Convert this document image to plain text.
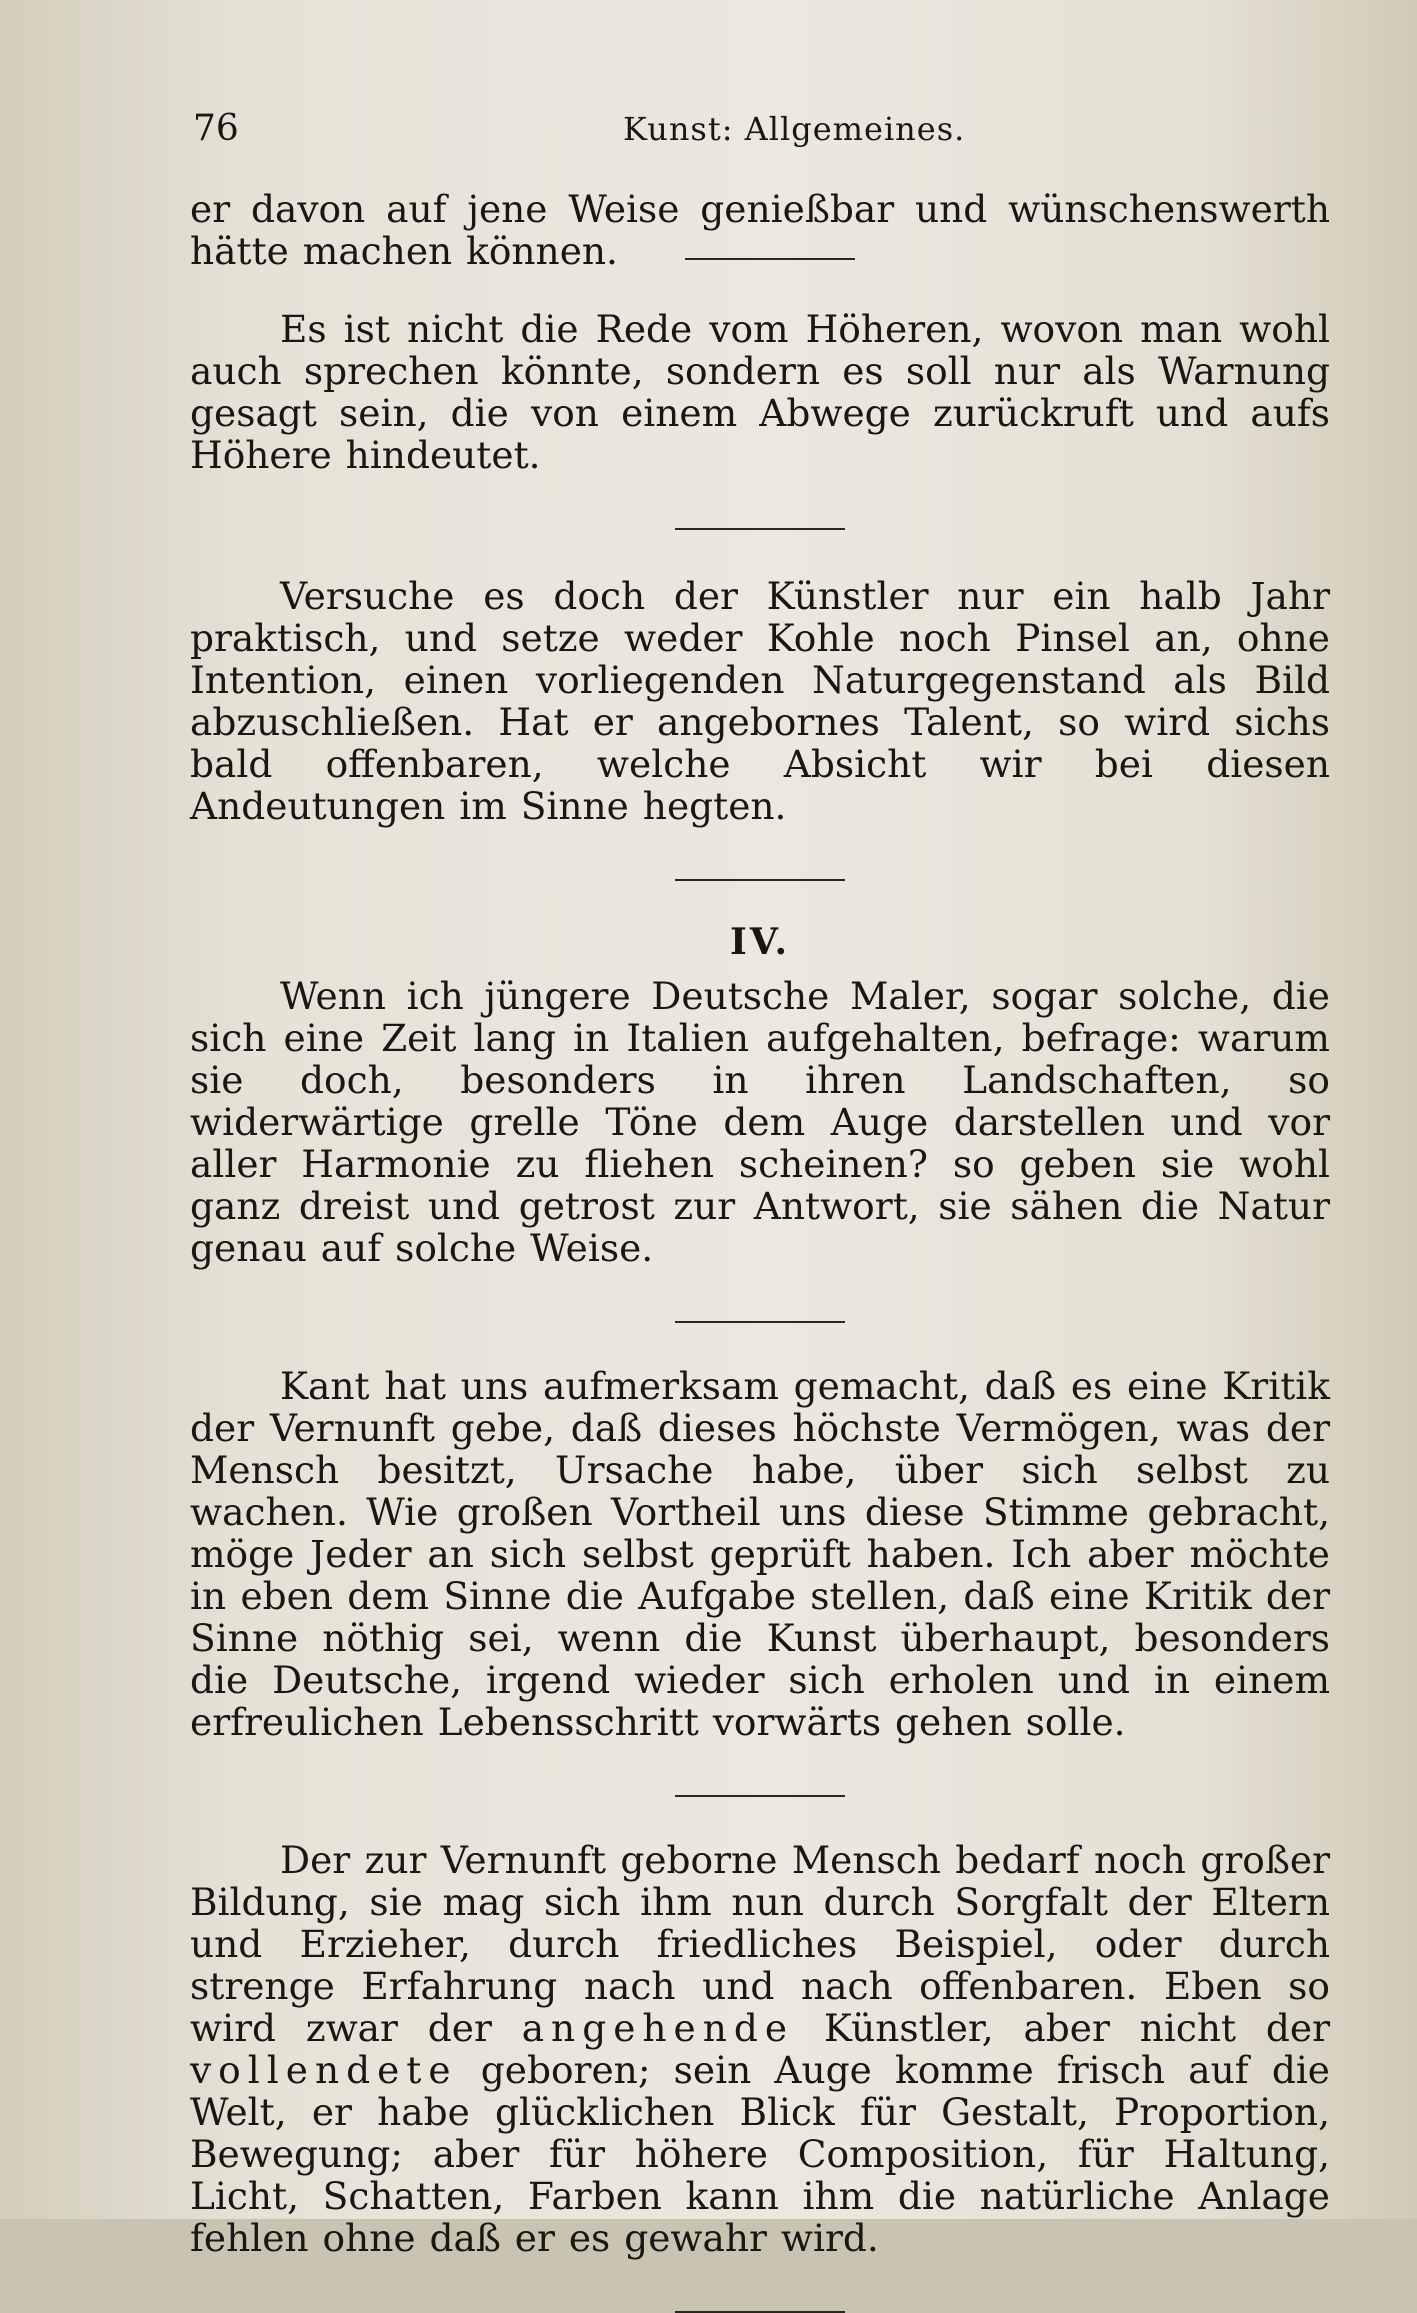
76	Kunst: Allgemeines.

er davon auf jene Weise genießbar und wünschenswerth hätte machen können.

Es ist nicht die Rede vom Höheren, wovon man wohl auch sprechen könnte, sondern es soll nur als Warnung gesagt sein, die von einem Abwege zurückruft und aufs Höhere hindeutet.

Versuche es doch der Künstler nur ein halb Jahr praktisch, und setze weder Kohle noch Pinsel an, ohne Intention, einen vorliegenden Naturgegenstand als Bild abzuschließen. Hat er angebornes Talent, so wird sichs bald offenbaren, welche Absicht wir bei diesen Andeutungen im Sinne hegten.

IV.

Wenn ich jüngere Deutsche Maler, sogar solche, die sich eine Zeit lang in Italien aufgehalten, befrage: warum sie doch, besonders in ihren Landschaften, so widerwärtige grelle Töne dem Auge darstellen und vor aller Harmonie zu fliehen scheinen? so geben sie wohl ganz dreist und getrost zur Antwort, sie sähen die Natur genau auf solche Weise.

Kant hat uns aufmerksam gemacht, daß es eine Kritik der Vernunft gebe, daß dieses höchste Vermögen, was der Mensch besitzt, Ursache habe, über sich selbst zu wachen. Wie großen Vortheil uns diese Stimme gebracht, möge Jeder an sich selbst geprüft haben. Ich aber möchte in eben dem Sinne die Aufgabe stellen, daß eine Kritik der Sinne nöthig sei, wenn die Kunst überhaupt, besonders die Deutsche, irgend wieder sich erholen und in einem erfreulichen Lebensschritt vorwärts gehen solle.

Der zur Vernunft geborne Mensch bedarf noch großer Bildung, sie mag sich ihm nun durch Sorgfalt der Eltern und Erzieher, durch friedliches Beispiel, oder durch strenge Erfahrung nach und nach offenbaren. Eben so wird zwar der angehende Künstler, aber nicht der vollendete geboren; sein Auge komme frisch auf die Welt, er habe glücklichen Blick für Gestalt, Proportion, Bewegung; aber für höhere Composition, für Haltung, Licht, Schatten, Farben kann ihm die natürliche Anlage fehlen ohne daß er es gewahr wird.
